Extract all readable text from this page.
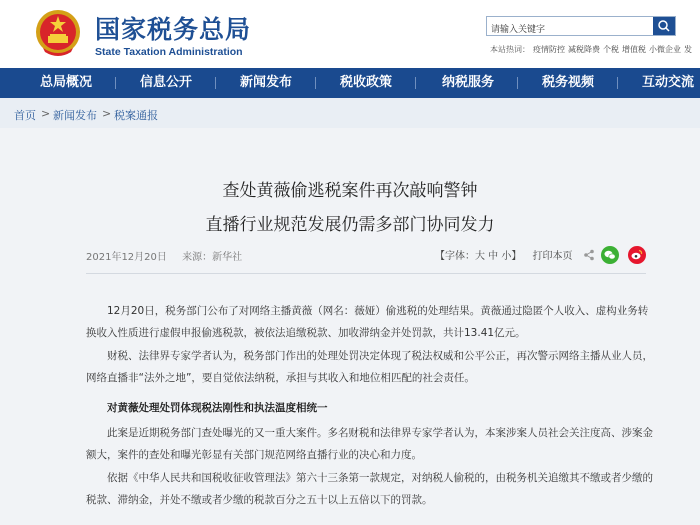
国家税务总局
State Taxation Administration
请输入关键字	本站热词： 疫情防控 减税降费 个税 增值税 小微企业 发
总局概况	信息公开	新闻发布	税收政策	纳税服务	税务视频	互动交流
首页 > 新闻发布 > 税案通报
查处黄薇偷逃税案件再次敲响警钟
直播行业规范发展仍需多部门协同发力
2021年12月20日 来源：新华社	【字体：大 中 小】 打印本页
12月20日，税务部门公布了对网络主播黄薇（网名：薇娅）偷逃税的处理结果。黄薇通过隐匿个人收入、虚构业务转换收入性质进行虚假申报偷逃税款，被依法追缴税款、加收滞纳金并处罚款，共计13.41亿元。
财税、法律界专家学者认为，税务部门作出的处理处罚决定体现了税法权威和公平公正，再次警示网络主播从业人员，网络直播非“法外之地”，要自觉依法纳税，承担与其收入和地位相匹配的社会责任。
对黄薇处理处罚体现税法刚性和执法温度相统一
此案是近期税务部门查处曝光的又一重大案件。多名财税和法律界专家学者认为，本案涉案人员社会关注度高、涉案金额大，案件的查处和曝光彰显有关部门规范网络直播行业的决心和力度。
依据《中华人民共和国税收征收管理法》第六十三条第一款规定，对纳税人偷税的，由税务机关追缴其不缴或者少缴的税款、滞纳金，并处不缴或者少缴的税款百分之五十以上五倍以下的罚款。
